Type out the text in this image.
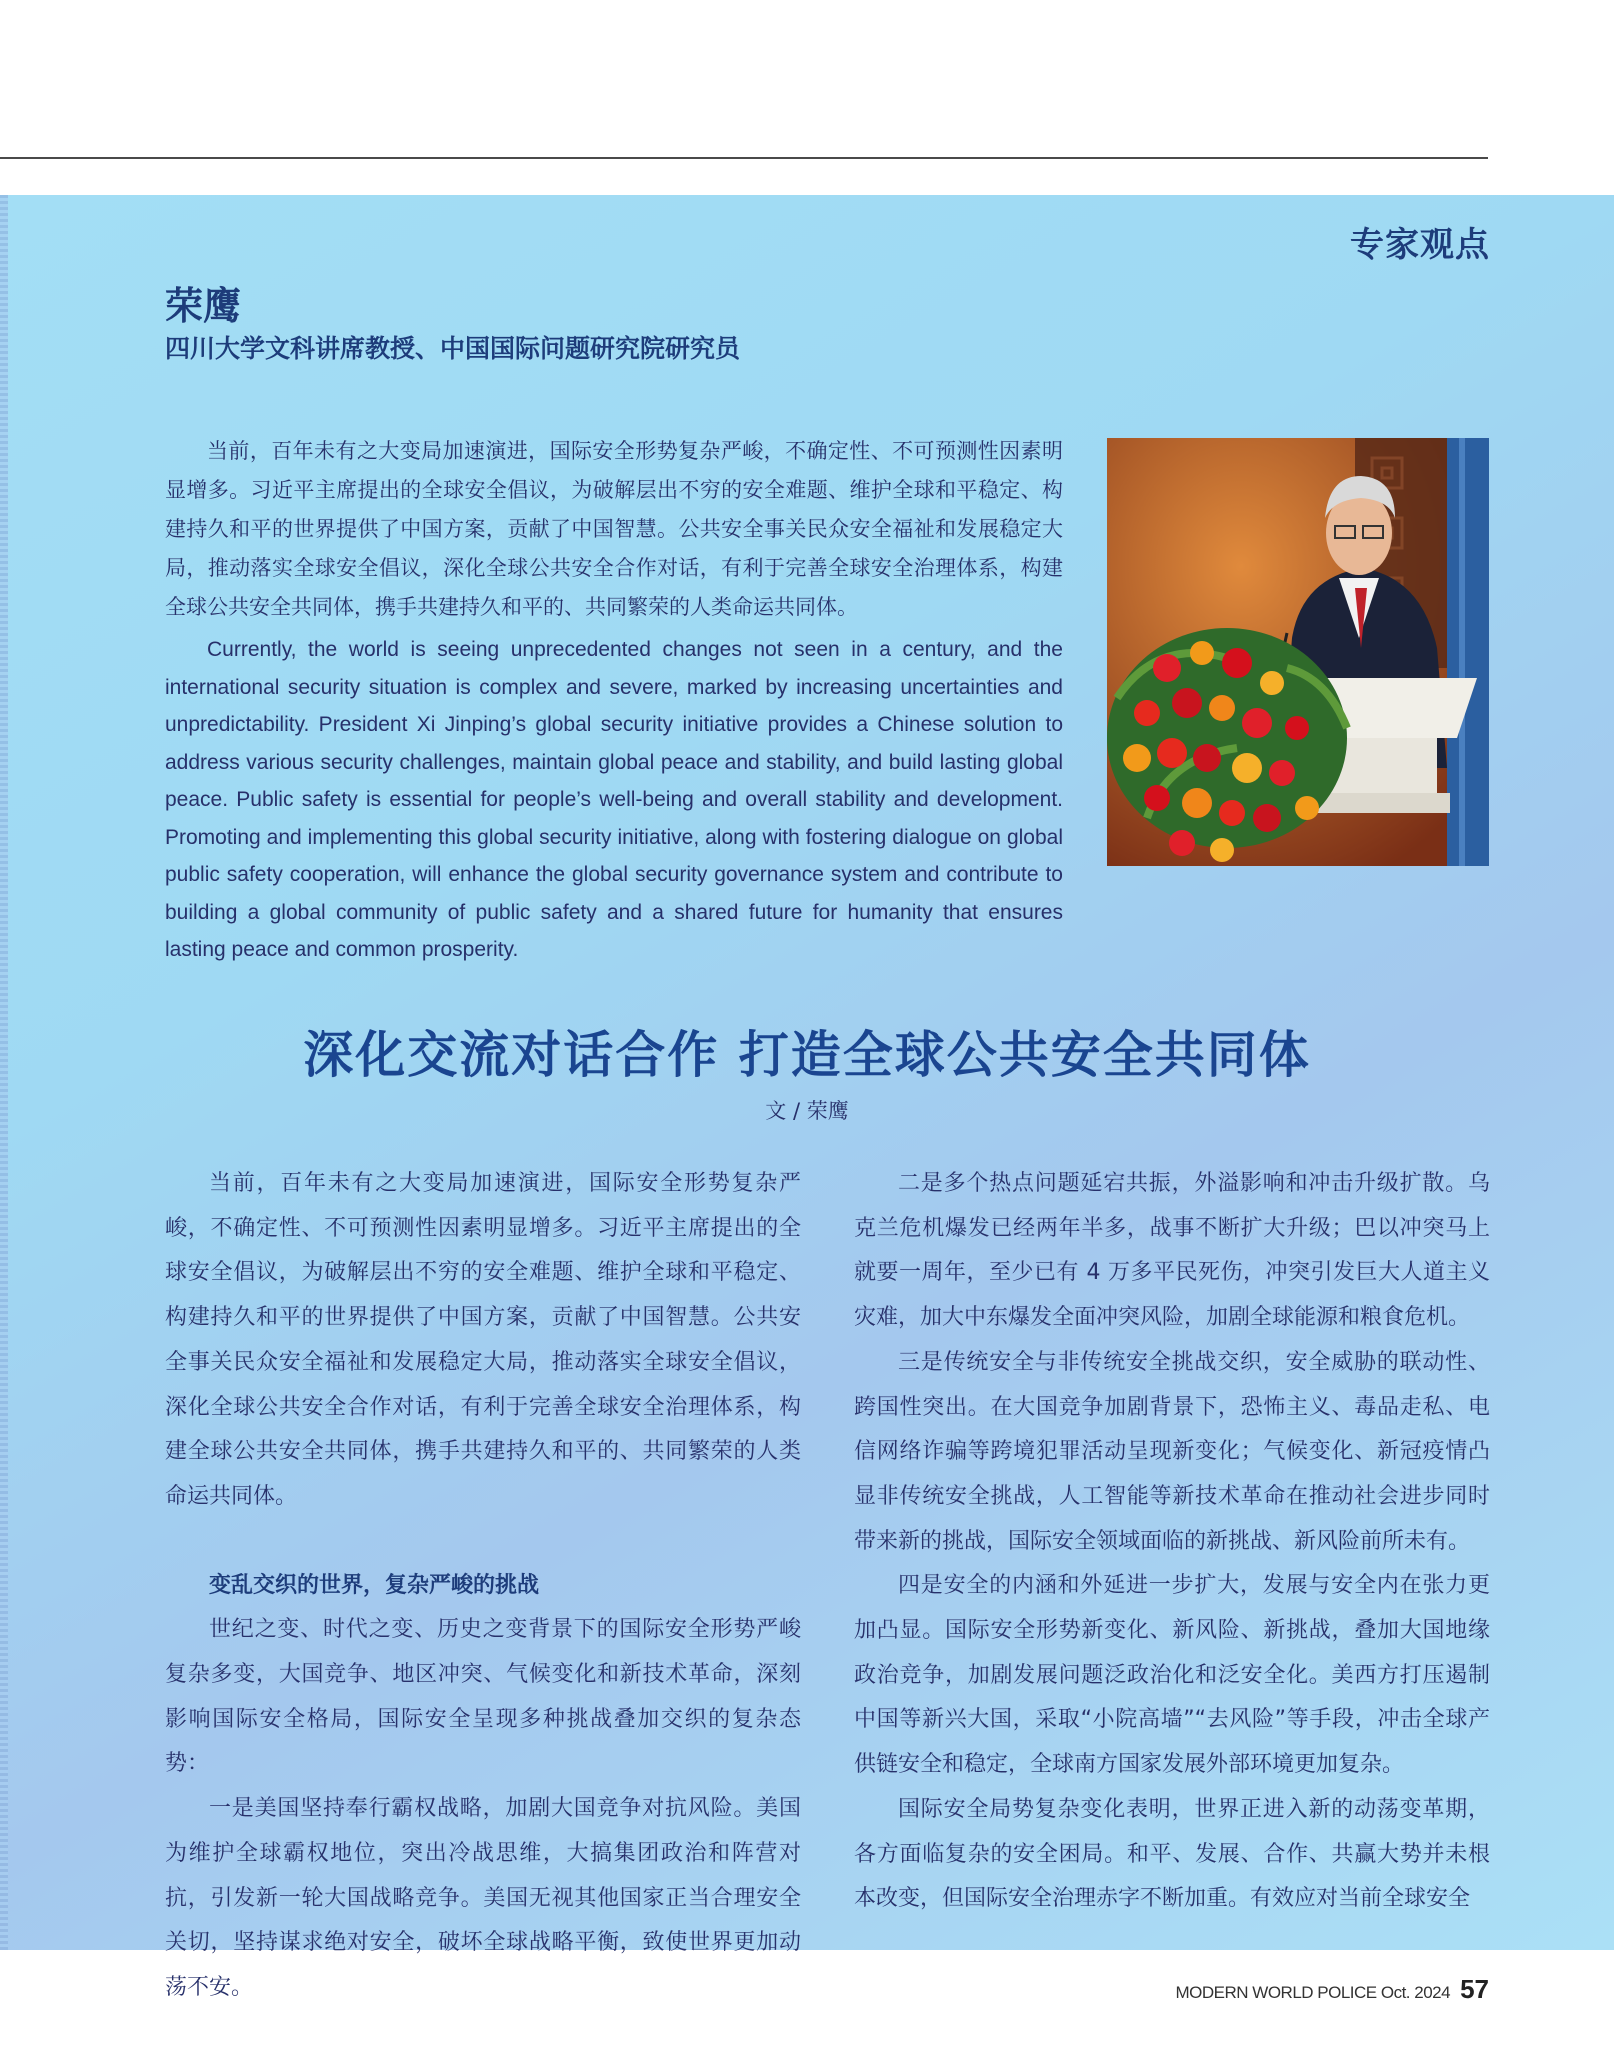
专家观点
荣鹰
四川大学文科讲席教授、中国国际问题研究院研究员

当前，百年未有之大变局加速演进，国际安全形势复杂严峻，不确定性、不可预测性因素明显增多。习近平主席提出的全球安全倡议，为破解层出不穷的安全难题、维护全球和平稳定、构建持久和平的世界提供了中国方案，贡献了中国智慧。公共安全事关民众安全福祉和发展稳定大局，推动落实全球安全倡议，深化全球公共安全合作对话，有利于完善全球安全治理体系，构建全球公共安全共同体，携手共建持久和平的、共同繁荣的人类命运共同体。

Currently, the world is seeing unprecedented changes not seen in a century, and the international security situation is complex and severe, marked by increasing uncertainties and unpredictability. President Xi Jinping’s global security initiative provides a Chinese solution to address various security challenges, maintain global peace and stability, and build lasting global peace. Public safety is essential for people’s well-being and overall stability and development. Promoting and implementing this global security initiative, along with fostering dialogue on global public safety cooperation, will enhance the global security governance system and contribute to building a global community of public safety and a shared future for humanity that ensures lasting peace and common prosperity.

深化交流对话合作 打造全球公共安全共同体
文 / 荣鹰

当前，百年未有之大变局加速演进，国际安全形势复杂严峻，不确定性、不可预测性因素明显增多。习近平主席提出的全球安全倡议，为破解层出不穷的安全难题、维护全球和平稳定、构建持久和平的世界提供了中国方案，贡献了中国智慧。公共安全事关民众安全福祉和发展稳定大局，推动落实全球安全倡议，深化全球公共安全合作对话，有利于完善全球安全治理体系，构建全球公共安全共同体，携手共建持久和平的、共同繁荣的人类命运共同体。

变乱交织的世界，复杂严峻的挑战

世纪之变、时代之变、历史之变背景下的国际安全形势严峻复杂多变，大国竞争、地区冲突、气候变化和新技术革命，深刻影响国际安全格局，国际安全呈现多种挑战叠加交织的复杂态势：

一是美国坚持奉行霸权战略，加剧大国竞争对抗风险。美国为维护全球霸权地位，突出冷战思维，大搞集团政治和阵营对抗，引发新一轮大国战略竞争。美国无视其他国家正当合理安全关切，坚持谋求绝对安全，破坏全球战略平衡，致使世界更加动荡不安。

二是多个热点问题延宕共振，外溢影响和冲击升级扩散。乌克兰危机爆发已经两年半多，战事不断扩大升级；巴以冲突马上就要一周年，至少已有 4 万多平民死伤，冲突引发巨大人道主义灾难，加大中东爆发全面冲突风险，加剧全球能源和粮食危机。

三是传统安全与非传统安全挑战交织，安全威胁的联动性、跨国性突出。在大国竞争加剧背景下，恐怖主义、毒品走私、电信网络诈骗等跨境犯罪活动呈现新变化；气候变化、新冠疫情凸显非传统安全挑战，人工智能等新技术革命在推动社会进步同时带来新的挑战，国际安全领域面临的新挑战、新风险前所未有。

四是安全的内涵和外延进一步扩大，发展与安全内在张力更加凸显。国际安全形势新变化、新风险、新挑战，叠加大国地缘政治竞争，加剧发展问题泛政治化和泛安全化。美西方打压遏制中国等新兴大国，采取“小院高墙”“去风险”等手段，冲击全球产供链安全和稳定，全球南方国家发展外部环境更加复杂。

国际安全局势复杂变化表明，世界正进入新的动荡变革期，各方面临复杂的安全困局。和平、发展、合作、共赢大势并未根本改变，但国际安全治理赤字不断加重。有效应对当前全球安全

MODERN WORLD POLICE Oct. 2024 57
